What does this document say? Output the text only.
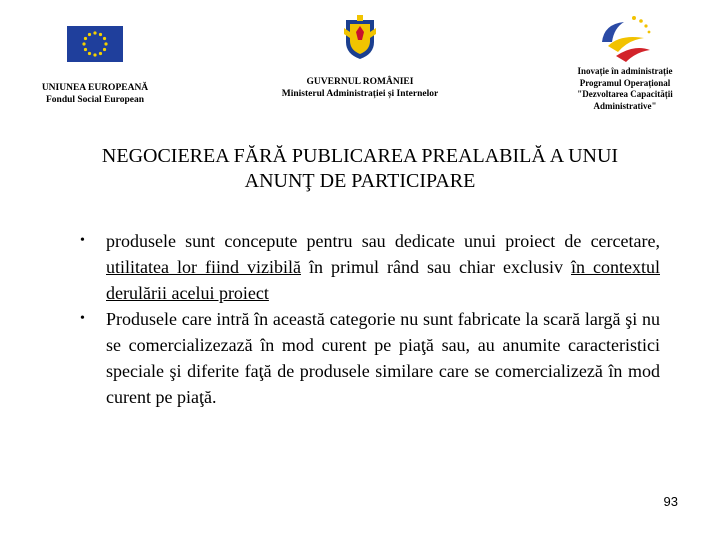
UNIUNEA EUROPEANĂ
Fondul Social European
GUVERNUL ROMÂNIEI
Ministerul Administrației și Internelor
Inovație în administrație
Programul Operațional
"Dezvoltarea Capacității
Administrative"
NEGOCIEREA FĂRĂ PUBLICAREA PREALABILĂ A UNUI
ANUNŢ DE PARTICIPARE
• produsele sunt concepute pentru sau dedicate unui proiect de cercetare, utilitatea lor fiind vizibilă în primul rând sau chiar exclusiv în contextul derulării acelui proiect
• Produsele care intră în această categorie nu sunt fabricate la scară largă şi nu se comercializezază în mod curent pe piaţă sau, au anumite caracteristici speciale şi diferite faţă de produsele similare care se comercializeză în mod curent pe piaţă.
93
